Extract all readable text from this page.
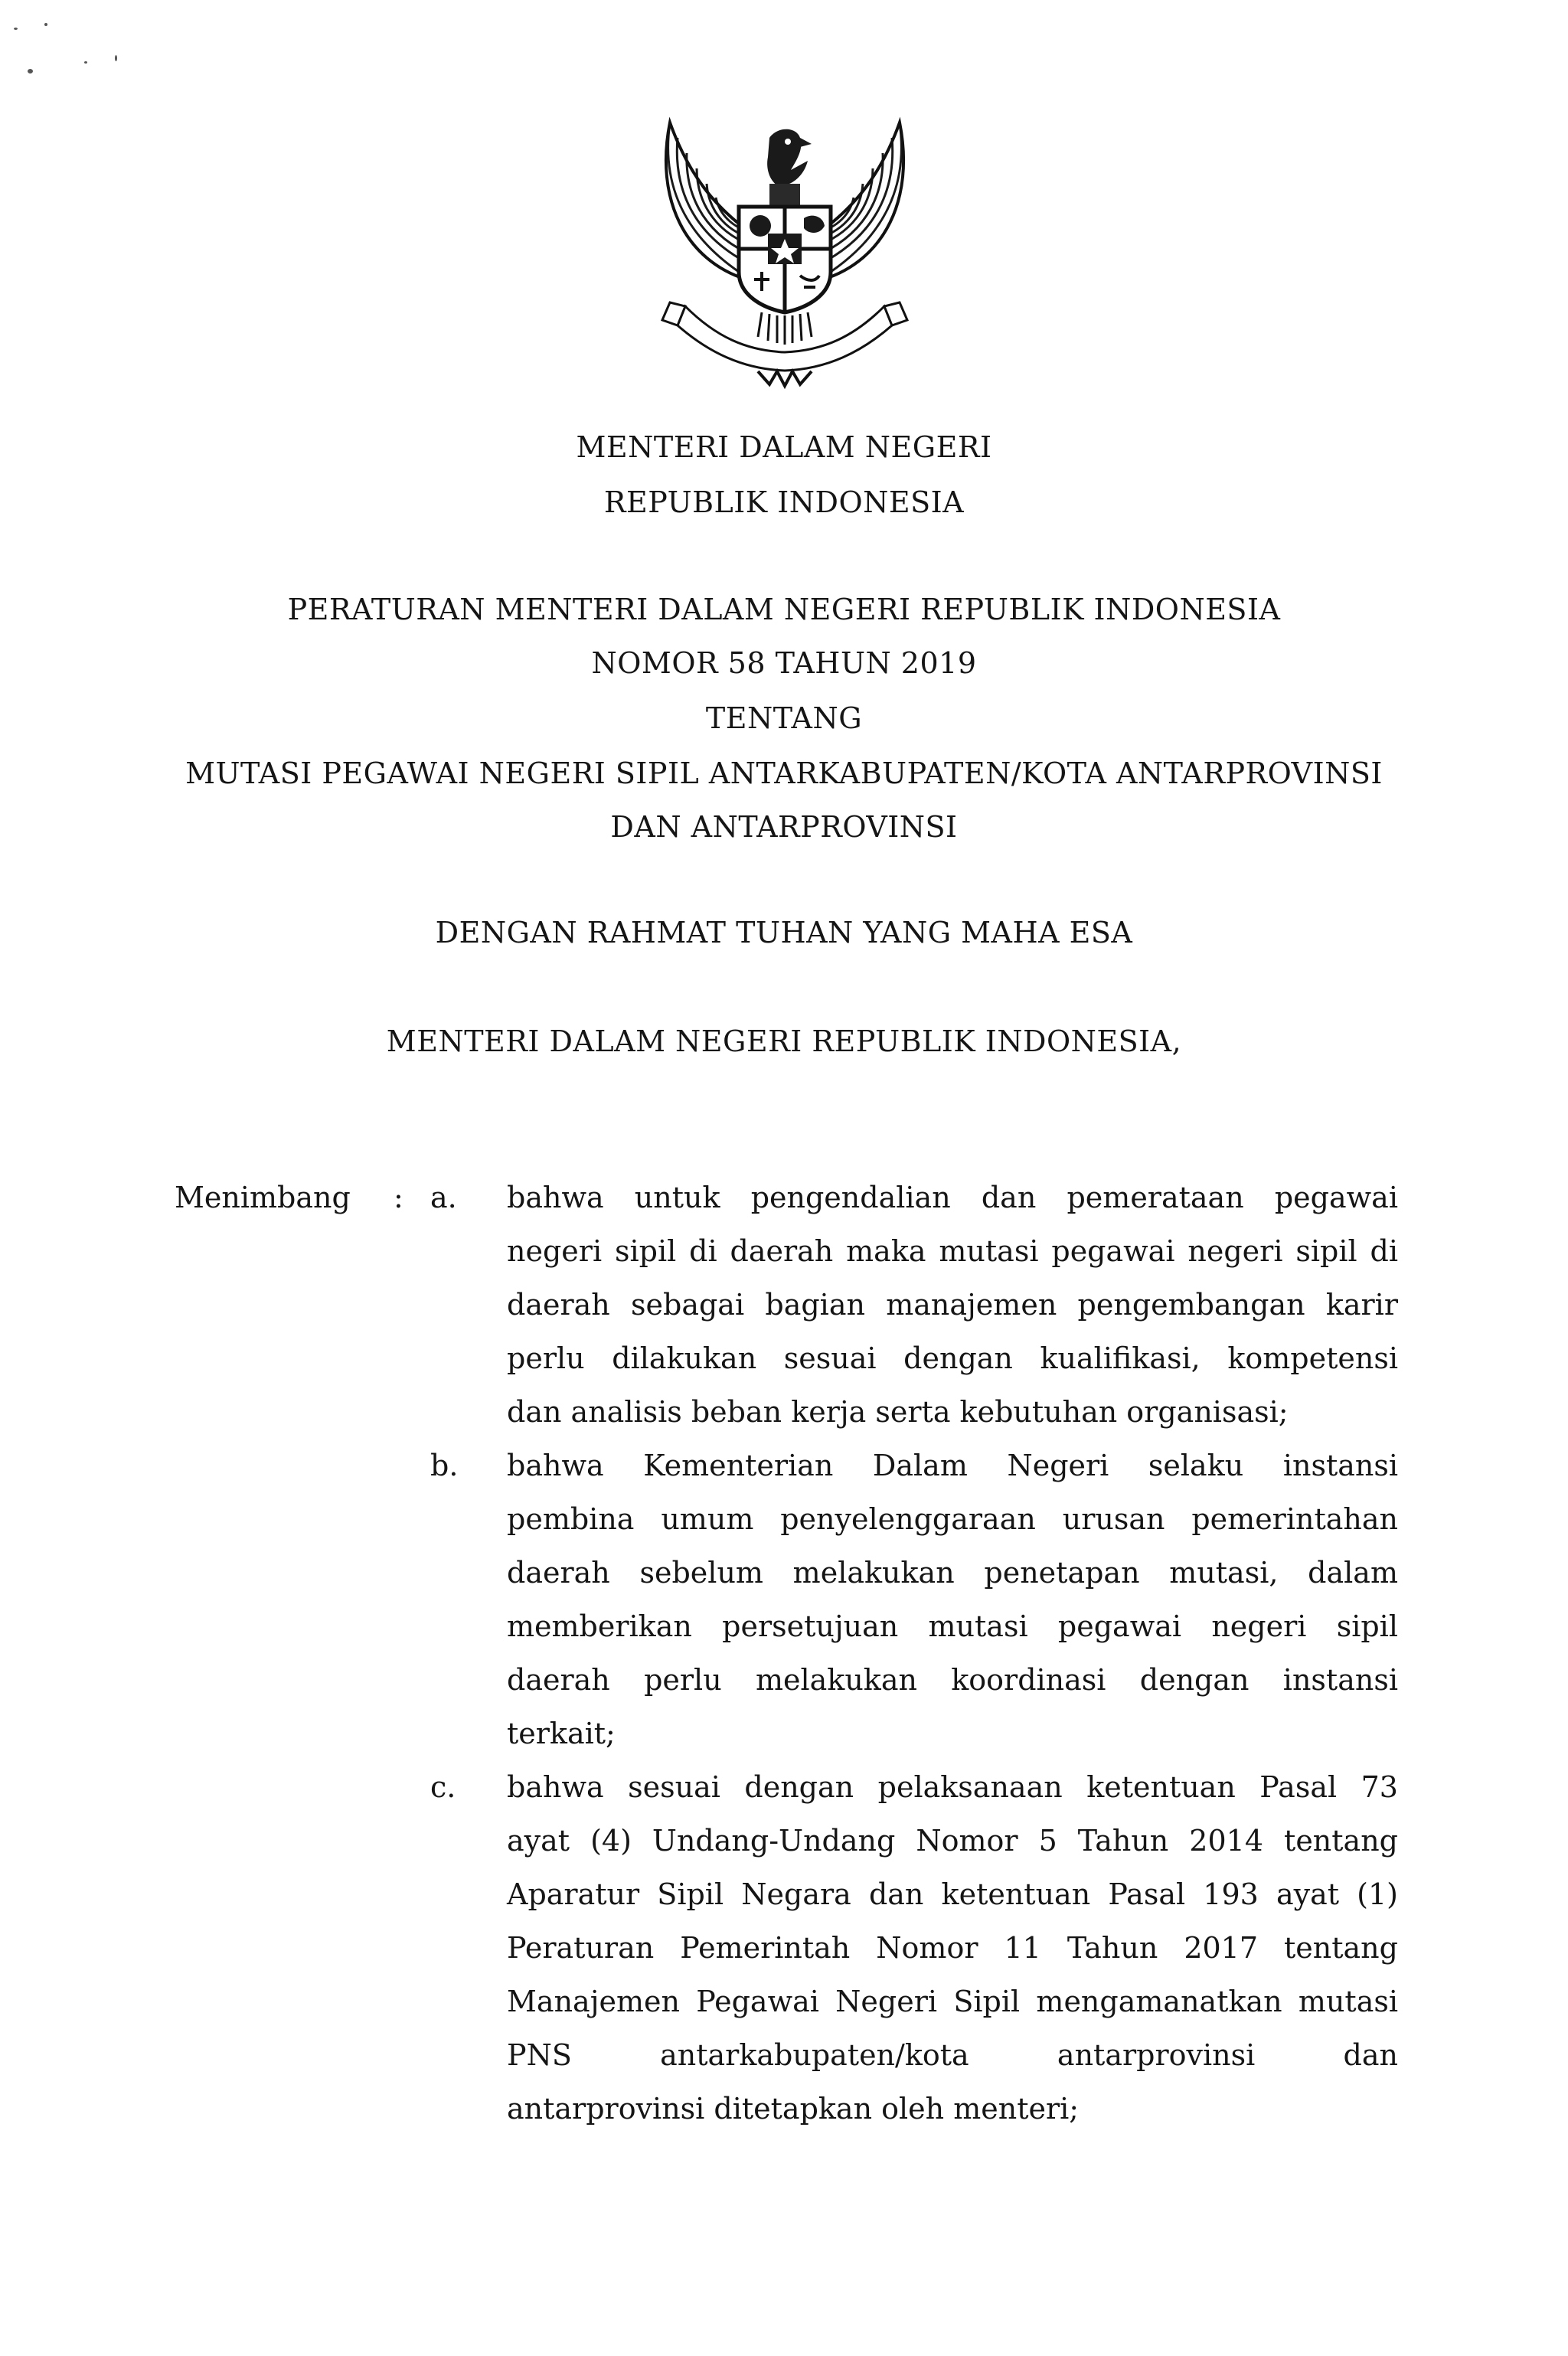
MENTERI DALAM NEGERI
REPUBLIK INDONESIA
PERATURAN MENTERI DALAM NEGERI REPUBLIK INDONESIA
NOMOR 58 TAHUN 2019
TENTANG
MUTASI PEGAWAI NEGERI SIPIL ANTARKABUPATEN/KOTA ANTARPROVINSI
DAN ANTARPROVINSI
DENGAN RAHMAT TUHAN YANG MAHA ESA
MENTERI DALAM NEGERI REPUBLIK INDONESIA,
Menimbang : a. bahwa untuk pengendalian dan pemerataan pegawai
negeri sipil di daerah maka mutasi pegawai negeri sipil di
daerah sebagai bagian manajemen pengembangan karir
perlu dilakukan sesuai dengan kualifikasi, kompetensi
dan analisis beban kerja serta kebutuhan organisasi;
b. bahwa Kementerian Dalam Negeri selaku instansi
pembina umum penyelenggaraan urusan pemerintahan
daerah sebelum melakukan penetapan mutasi, dalam
memberikan persetujuan mutasi pegawai negeri sipil
daerah perlu melakukan koordinasi dengan instansi
terkait;
c. bahwa sesuai dengan pelaksanaan ketentuan Pasal 73
ayat (4) Undang-Undang Nomor 5 Tahun 2014 tentang
Aparatur Sipil Negara dan ketentuan Pasal 193 ayat (1)
Peraturan Pemerintah Nomor 11 Tahun 2017 tentang
Manajemen Pegawai Negeri Sipil mengamanatkan mutasi
PNS antarkabupaten/kota antarprovinsi dan
antarprovinsi ditetapkan oleh menteri;
